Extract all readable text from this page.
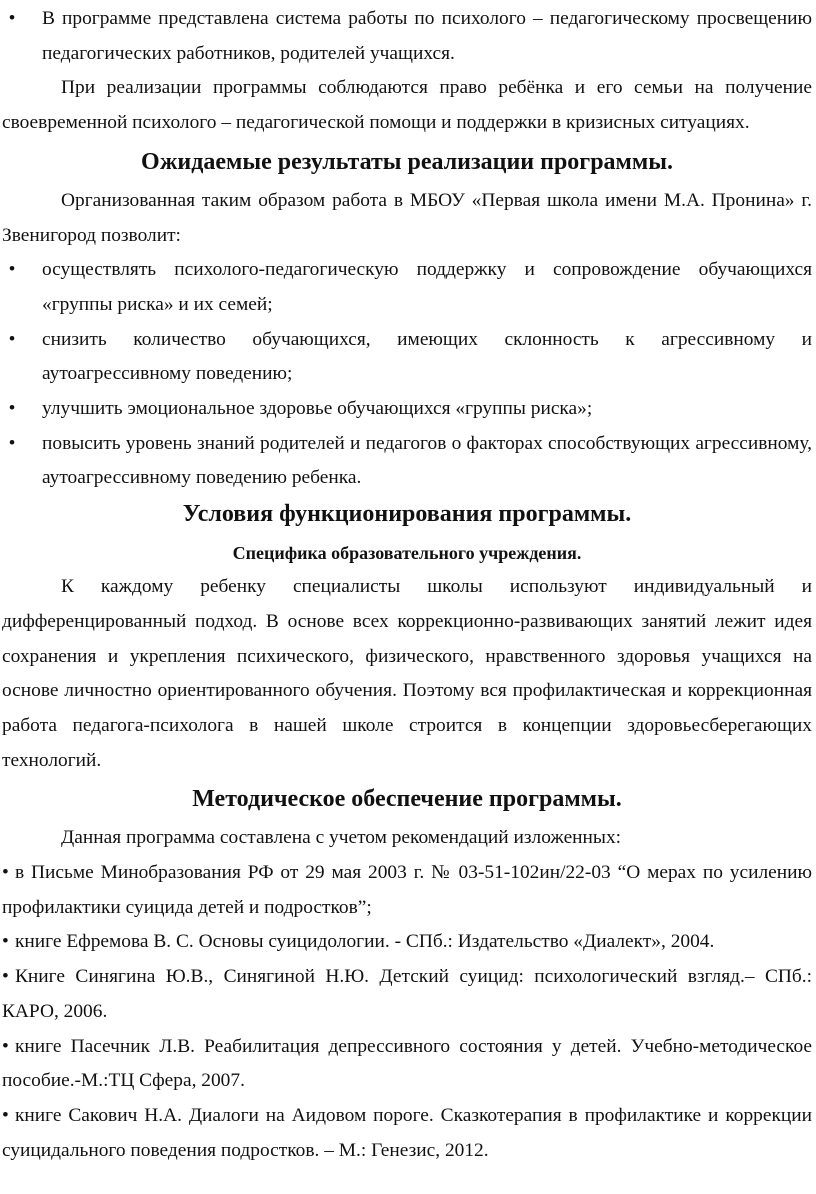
•	В программе представлена система работы по психолого – педагогическому просвещению педагогических работников, родителей учащихся.

При реализации программы соблюдаются право ребёнка и его семьи на получение своевременной психолого – педагогической помощи и поддержки в кризисных ситуациях.

Ожидаемые результаты реализации программы.

Организованная таким образом работа в МБОУ «Первая школа имени М.А. Пронина» г. Звенигород позволит:

•	осуществлять психолого-педагогическую поддержку и сопровождение обучающихся «группы риска» и их семей;
•	снизить количество обучающихся, имеющих склонность к агрессивному и аутоагрессивному поведению;
•	улучшить эмоциональное здоровье обучающихся «группы риска»;
•	повысить уровень знаний родителей и педагогов о факторах способствующих агрессивному, аутоагрессивному поведению ребенка.
Условия функционирования программы.
Специфика образовательного учреждения.

К каждому ребенку специалисты школы используют индивидуальный и дифференцированный подход. В основе всех коррекционно-развивающих занятий лежит идея сохранения и укрепления психического, физического, нравственного здоровья учащихся на основе личностно ориентированного обучения. Поэтому вся профилактическая и коррекционная работа педагога-психолога в нашей школе строится в концепции здоровьесберегающих технологий.

Методическое обеспечение программы.

Данная программа составлена с учетом рекомендаций изложенных:

• в Письме Минобразования РФ от 29 мая 2003 г. № 03-51-102ин/22-03 “О мерах по усилению профилактики суицида детей и подростков”;
• книге Ефремова В. С. Основы суицидологии. - СПб.: Издательство «Диалект», 2004.
• Книге Синягина Ю.В., Синягиной Н.Ю. Детский суицид: психологический взгляд.– СПб.: КАРО, 2006.
• книге Пасечник Л.В. Реабилитация депрессивного состояния у детей. Учебно-методическое пособие.-М.:ТЦ Сфера, 2007.
• книге Сакович Н.А. Диалоги на Аидовом пороге. Сказкотерапия в профилактике и коррекции суицидального поведения подростков. – М.: Генезис, 2012.
